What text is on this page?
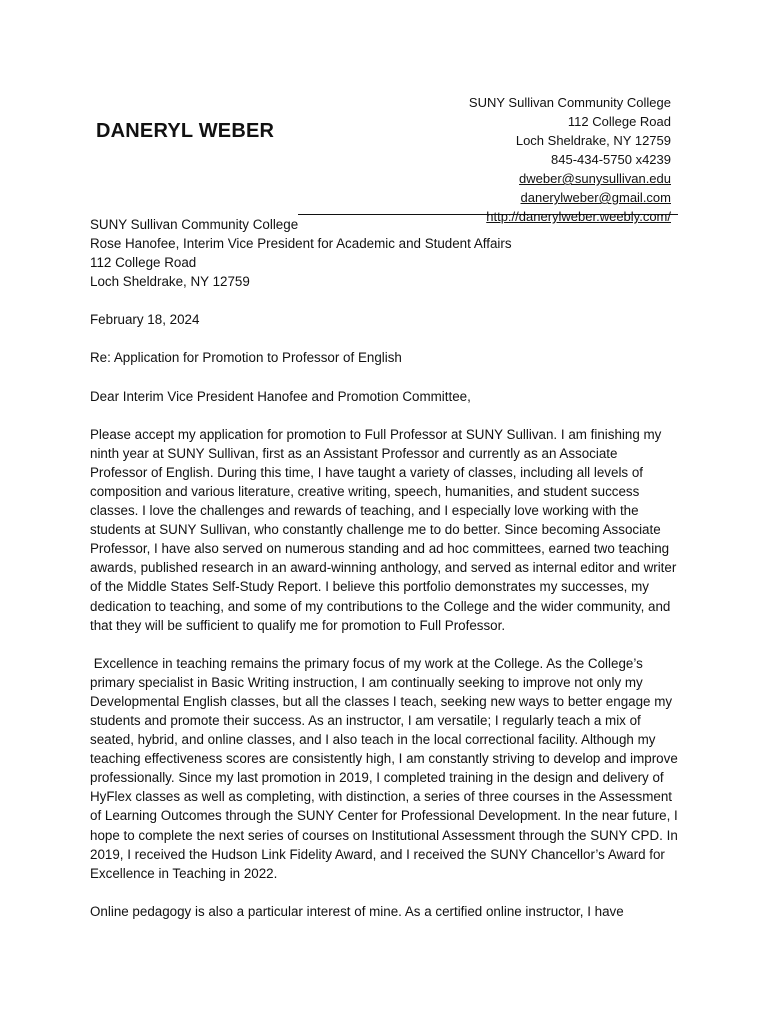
DANERYL WEBER
SUNY Sullivan Community College
112 College Road
Loch Sheldrake, NY 12759
845-434-5750 x4239
dweber@sunysullivan.edu
danerylweber@gmail.com
http://danerylweber.weebly.com/

SUNY Sullivan Community College

Rose Hanofee, Interim Vice President for Academic and Student Affairs

112 College Road

Loch Sheldrake, NY 12759

February 18, 2024

Re: Application for Promotion to Professor of English

Dear Interim Vice President Hanofee and Promotion Committee,

Please accept my application for promotion to Full Professor at SUNY Sullivan. I am finishing my ninth year at SUNY Sullivan, first as an Assistant Professor and currently as an Associate Professor of English. During this time, I have taught a variety of classes, including all levels of composition and various literature, creative writing, speech, humanities, and student success classes. I love the challenges and rewards of teaching, and I especially love working with the students at SUNY Sullivan, who constantly challenge me to do better. Since becoming Associate Professor, I have also served on numerous standing and ad hoc committees, earned two teaching awards, published research in an award-winning anthology, and served as internal editor and writer of the Middle States Self-Study Report. I believe this portfolio demonstrates my successes, my dedication to teaching, and some of my contributions to the College and the wider community, and that they will be sufficient to qualify me for promotion to Full Professor.

Excellence in teaching remains the primary focus of my work at the College. As the College’s primary specialist in Basic Writing instruction, I am continually seeking to improve not only my Developmental English classes, but all the classes I teach, seeking new ways to better engage my students and promote their success. As an instructor, I am versatile; I regularly teach a mix of seated, hybrid, and online classes, and I also teach in the local correctional facility. Although my teaching effectiveness scores are consistently high, I am constantly striving to develop and improve professionally. Since my last promotion in 2019, I completed training in the design and delivery of HyFlex classes as well as completing, with distinction, a series of three courses in the Assessment of Learning Outcomes through the SUNY Center for Professional Development. In the near future, I hope to complete the next series of courses on Institutional Assessment through the SUNY CPD. In 2019, I received the Hudson Link Fidelity Award, and I received the SUNY Chancellor’s Award for Excellence in Teaching in 2022.

Online pedagogy is also a particular interest of mine. As a certified online instructor, I have
